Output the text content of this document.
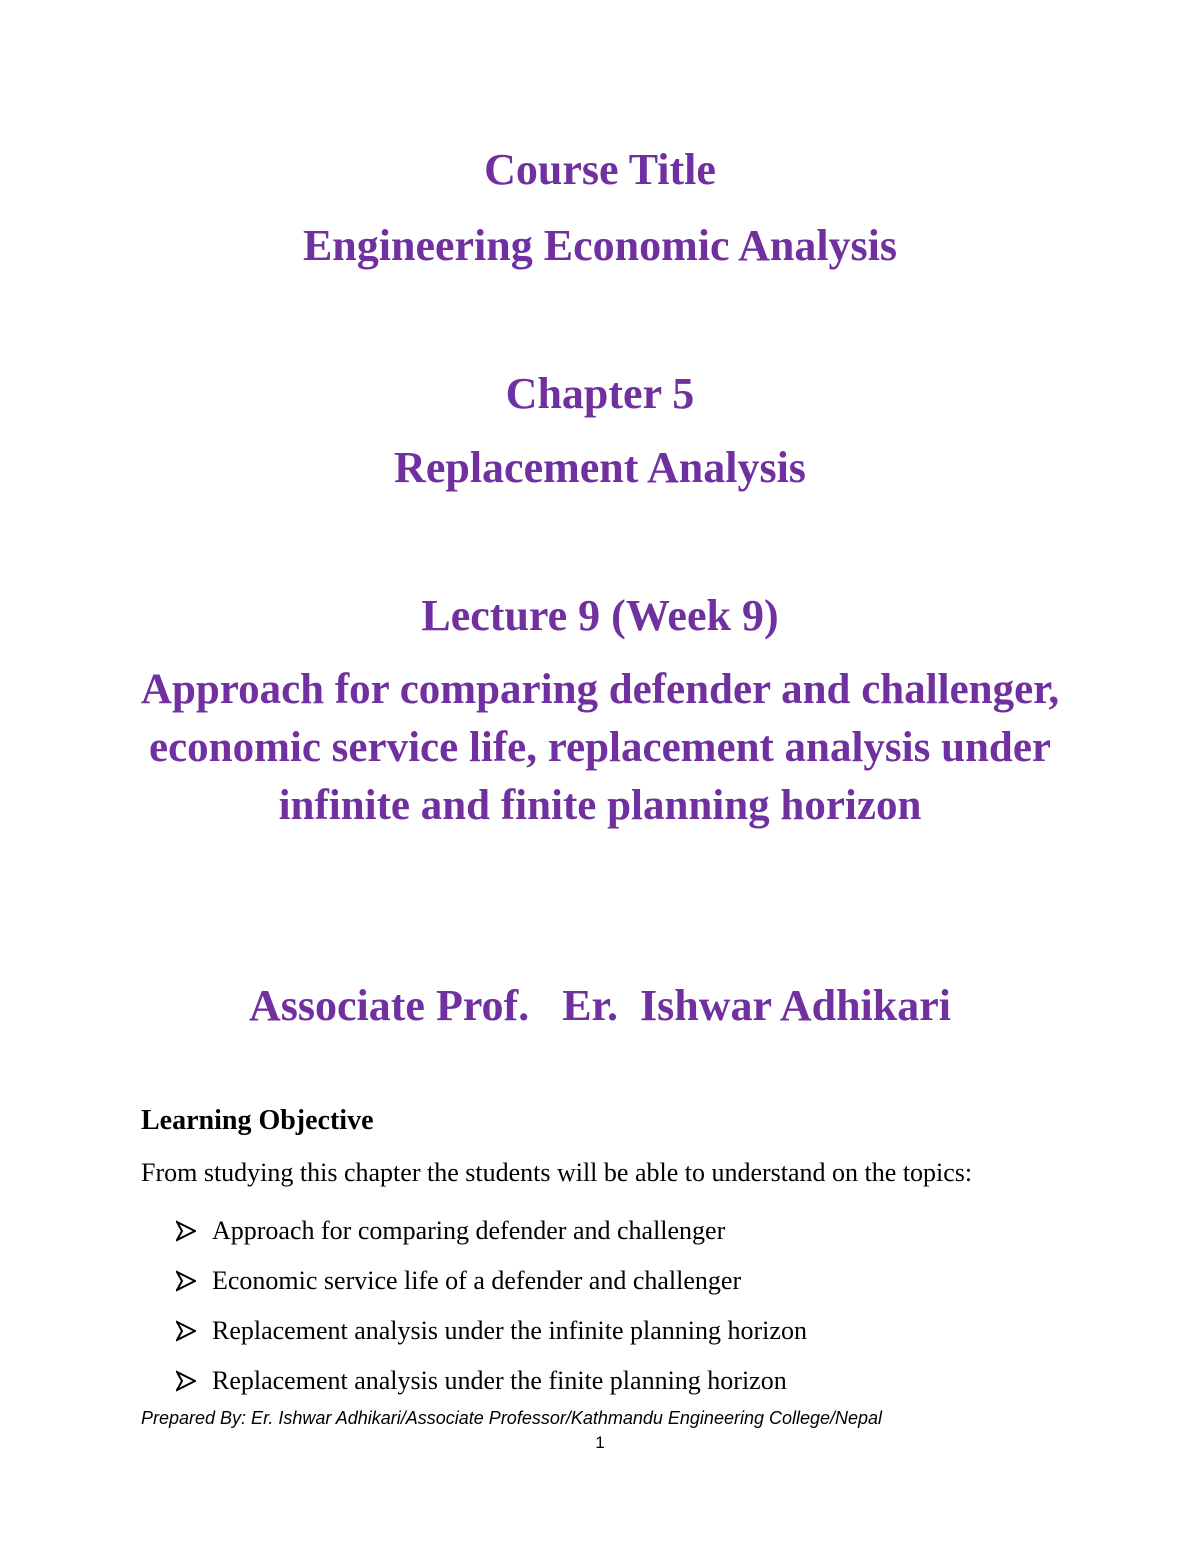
Course Title
Engineering Economic Analysis
Chapter 5
Replacement Analysis
Lecture 9 (Week 9)
Approach for comparing defender and challenger, economic service life, replacement analysis under infinite and finite planning horizon
Associate Prof.   Er.  Ishwar Adhikari
Learning Objective
From studying this chapter the students will be able to understand on the topics:
Approach for comparing defender and challenger
Economic service life of a defender and challenger
Replacement analysis under the infinite planning horizon
Replacement analysis under the finite planning horizon
Prepared By: Er. Ishwar Adhikari/Associate Professor/Kathmandu Engineering College/Nepal
1
